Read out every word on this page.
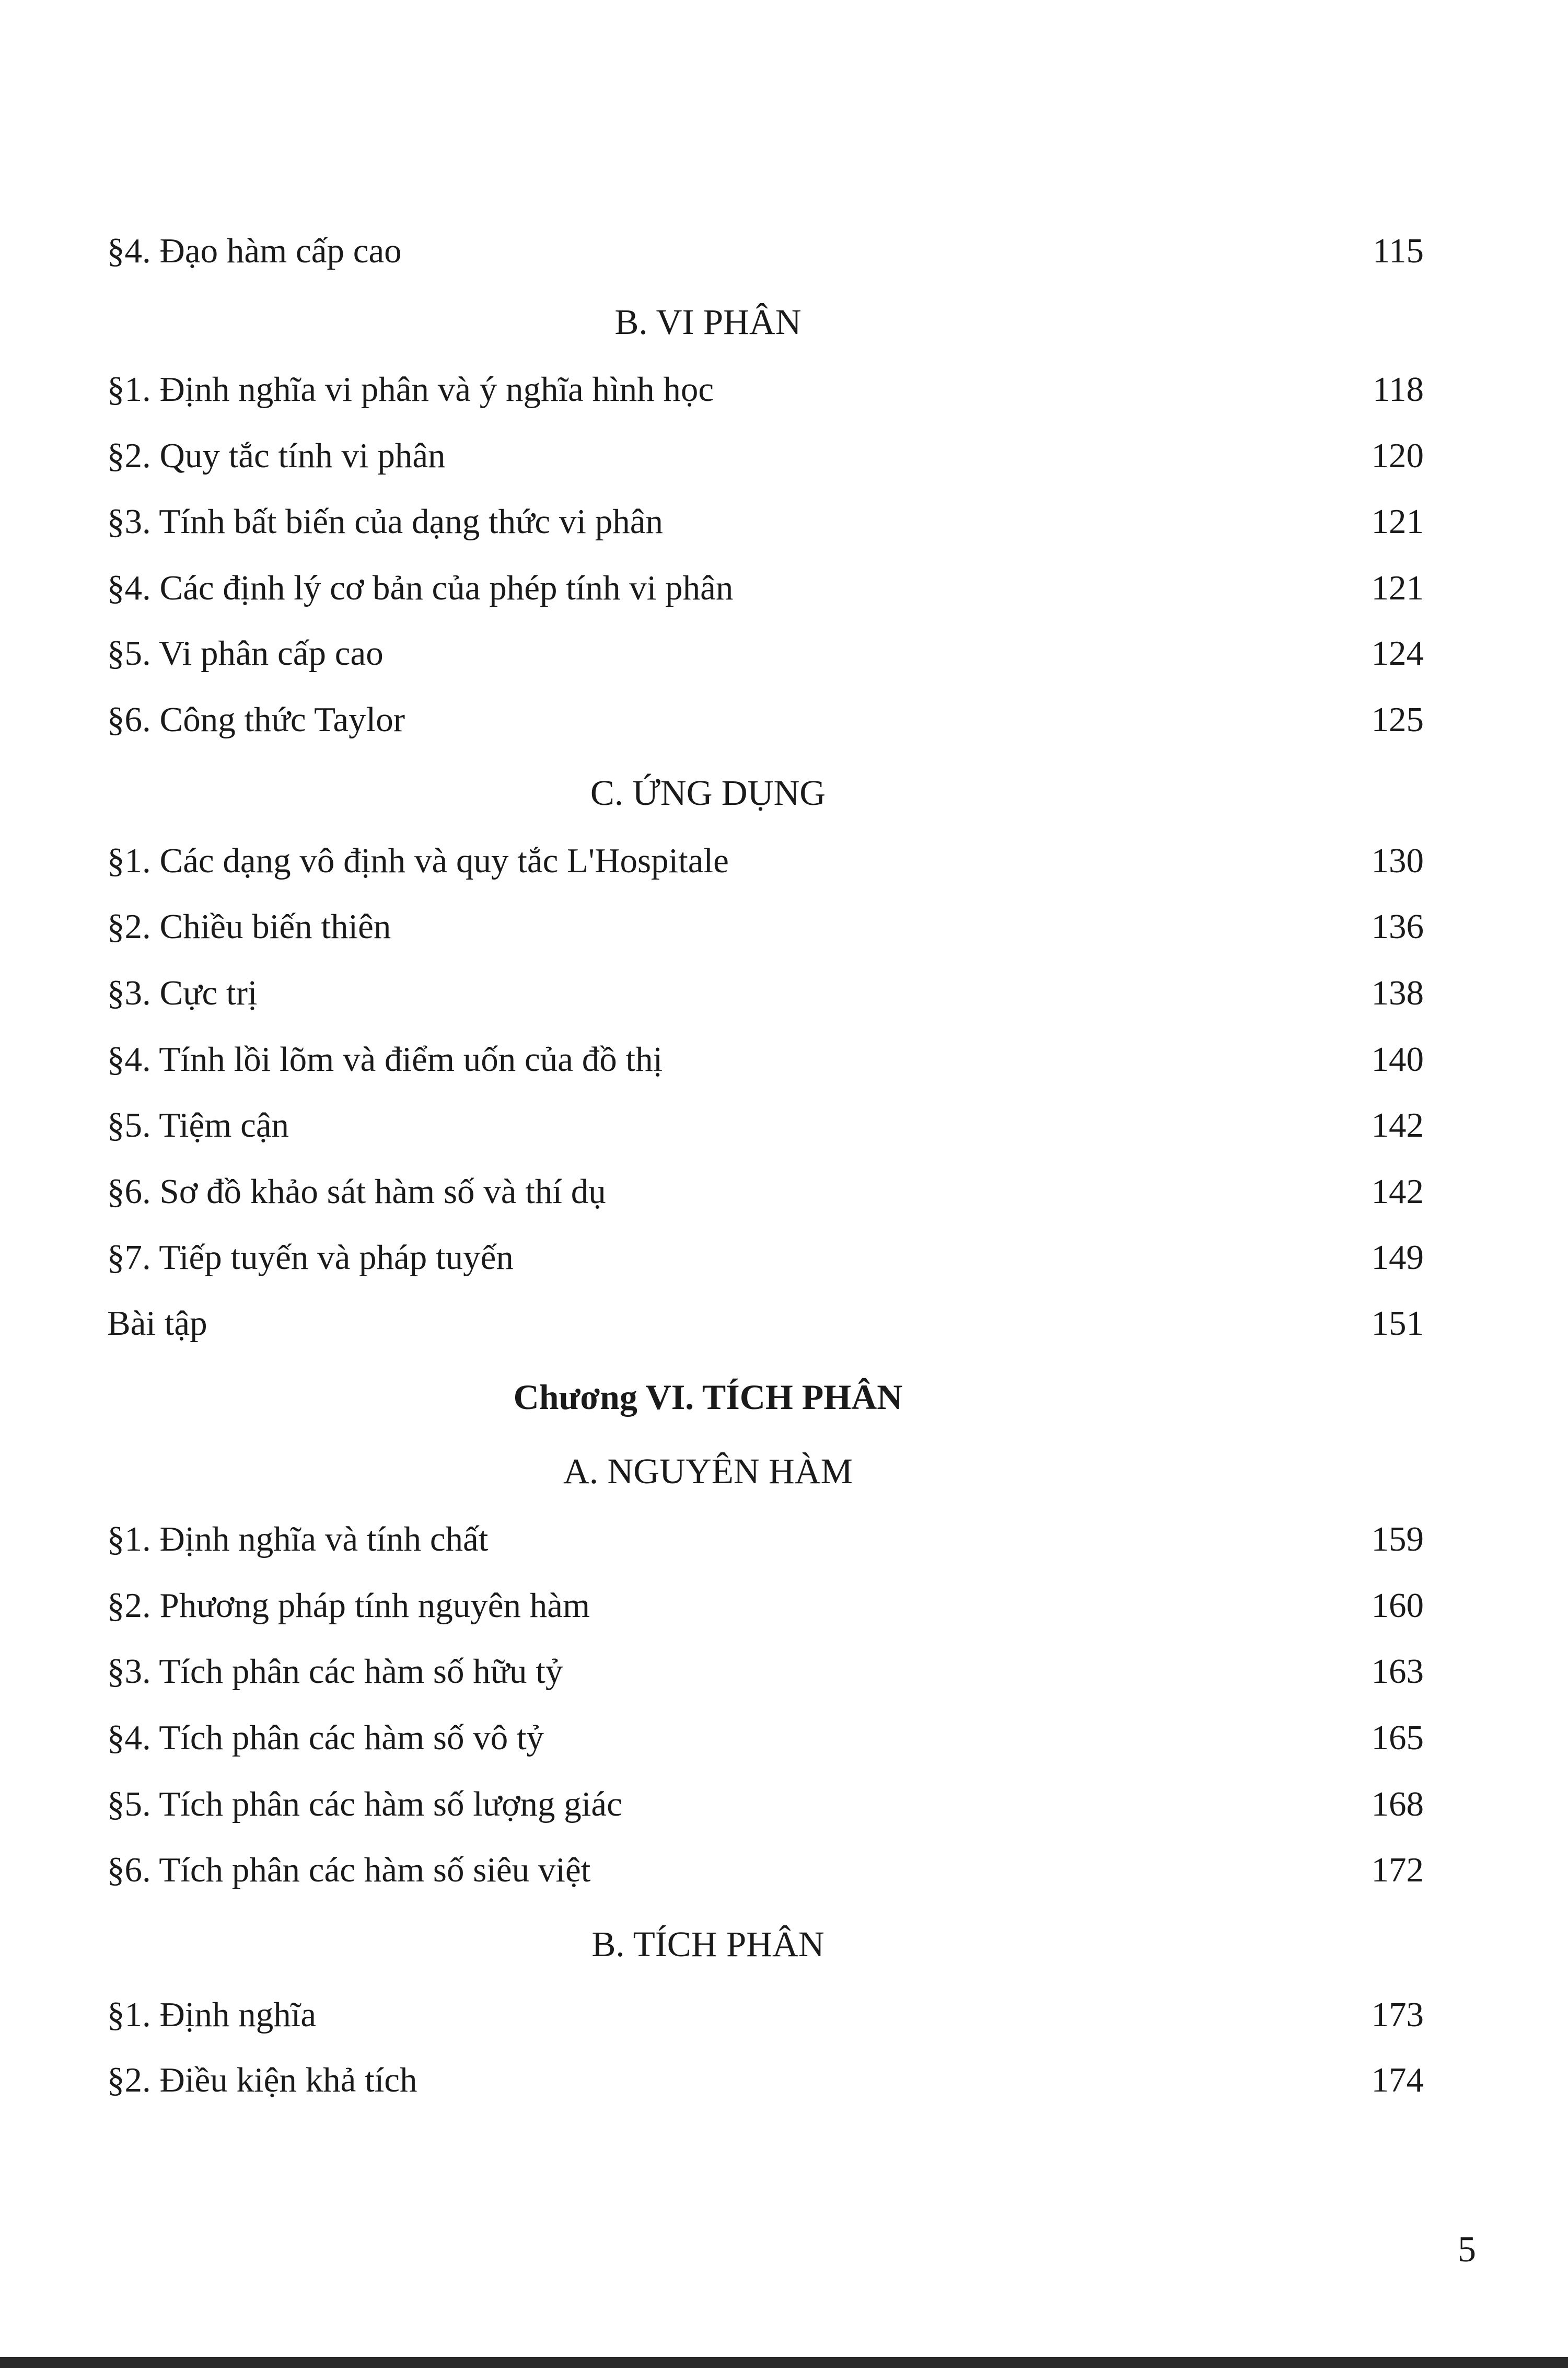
§4. Đạo hàm cấp cao	115
B. VI PHÂN
§1. Định nghĩa vi phân và ý nghĩa hình học	118
§2. Quy tắc tính vi phân	120
§3. Tính bất biến của dạng thức vi phân	121
§4. Các định lý cơ bản của phép tính vi phân	121
§5. Vi phân cấp cao	124
§6. Công thức Taylor	125
C. ỨNG DỤNG
§1. Các dạng vô định và quy tắc L'Hospitale	130
§2. Chiều biến thiên	136
§3. Cực trị	138
§4. Tính lồi lõm và điểm uốn của đồ thị	140
§5. Tiệm cận	142
§6. Sơ đồ khảo sát hàm số và thí dụ	142
§7. Tiếp tuyến và pháp tuyến	149
Bài tập	151
Chương VI. TÍCH PHÂN
A. NGUYÊN HÀM
§1. Định nghĩa và tính chất	159
§2. Phương pháp tính nguyên hàm	160
§3. Tích phân các hàm số hữu tỷ	163
§4. Tích phân các hàm số vô tỷ	165
§5. Tích phân các hàm số lượng giác	168
§6. Tích phân các hàm số siêu việt	172
B. TÍCH PHÂN
§1. Định nghĩa	173
§2. Điều kiện khả tích	174
5
